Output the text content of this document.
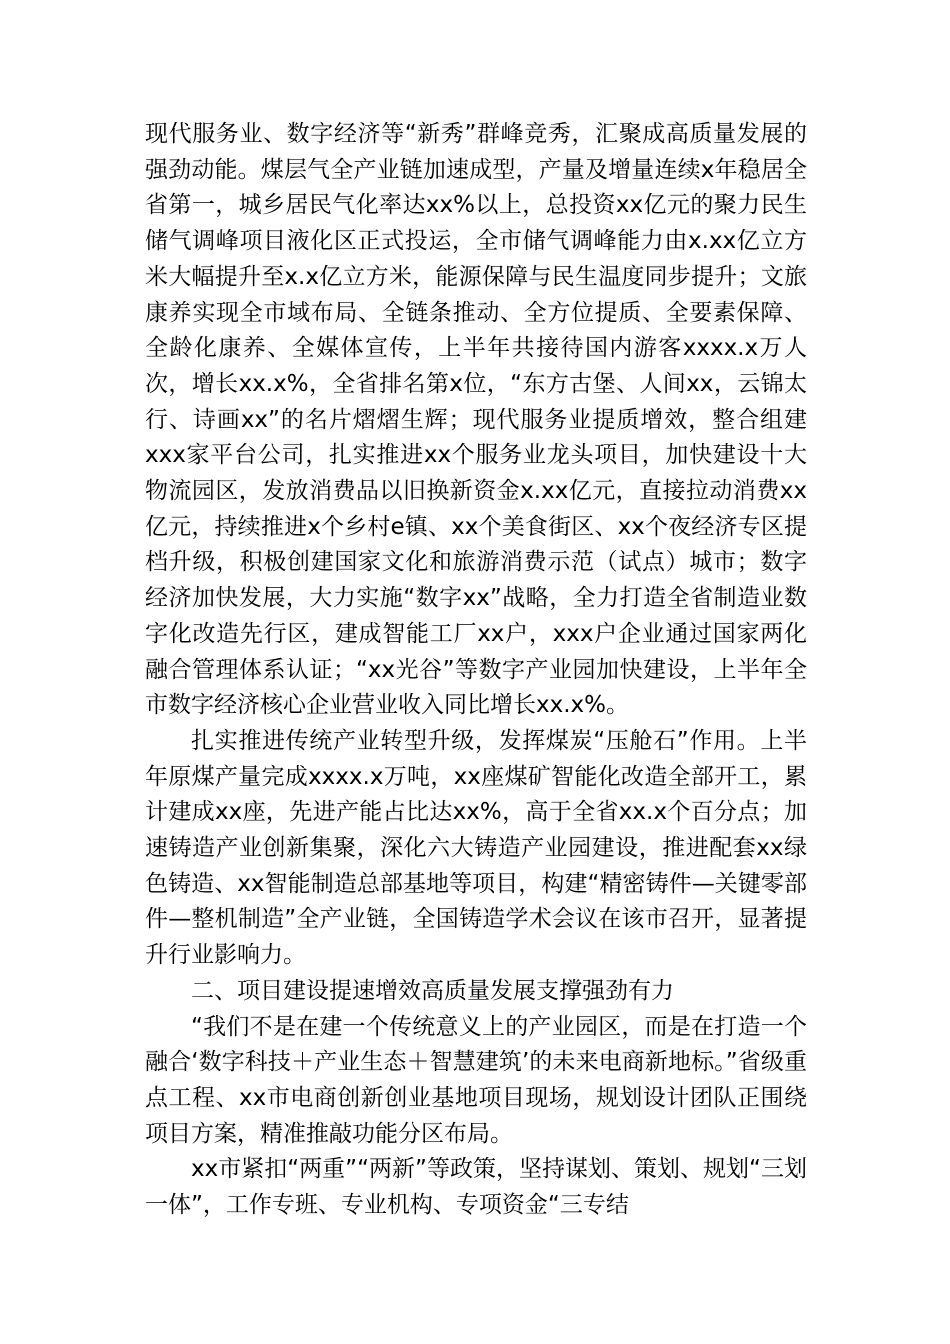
现代服务业、数字经济等“新秀”群峰竞秀，汇聚成高质量发展的强劲动能。煤层气全产业链加速成型，产量及增量连续x年稳居全省第一，城乡居民气化率达xx%以上，总投资xx亿元的聚力民生储气调峰项目液化区正式投运，全市储气调峰能力由x.xx亿立方米大幅提升至x.x亿立方米，能源保障与民生温度同步提升；文旅康养实现全市域布局、全链条推动、全方位提质、全要素保障、全龄化康养、全媒体宣传，上半年共接待国内游客xxxx.x万人次，增长xx.x%，全省排名第x位，“东方古堡、人间xx，云锦太行、诗画xx”的名片熠熠生辉；现代服务业提质增效，整合组建xxx家平台公司，扎实推进xx个服务业龙头项目，加快建设十大物流园区，发放消费品以旧换新资金x.xx亿元，直接拉动消费xx亿元，持续推进x个乡村e镇、xx个美食街区、xx个夜经济专区提档升级，积极创建国家文化和旅游消费示范（试点）城市；数字经济加快发展，大力实施“数字xx”战略，全力打造全省制造业数字化改造先行区，建成智能工厂xx户，xxx户企业通过国家两化融合管理体系认证；“xx光谷”等数字产业园加快建设，上半年全市数字经济核心企业营业收入同比增长xx.x%。

扎实推进传统产业转型升级，发挥煤炭“压舱石”作用。上半年原煤产量完成xxxx.x万吨，xx座煤矿智能化改造全部开工，累计建成xx座，先进产能占比达xx%，高于全省xx.x个百分点；加速铸造产业创新集聚，深化六大铸造产业园建设，推进配套xx绿色铸造、xx智能制造总部基地等项目，构建“精密铸件—关键零部件—整机制造”全产业链，全国铸造学术会议在该市召开，显著提升行业影响力。

二、项目建设提速增效高质量发展支撑强劲有力

“我们不是在建一个传统意义上的产业园区，而是在打造一个融合‘数字科技＋产业生态＋智慧建筑’的未来电商新地标。”省级重点工程、xx市电商创新创业基地项目现场，规划设计团队正围绕项目方案，精准推敲功能分区布局。

xx市紧扣“两重”“两新”等政策，坚持谋划、策划、规划“三划一体”，工作专班、专业机构、专项资金“三专结
